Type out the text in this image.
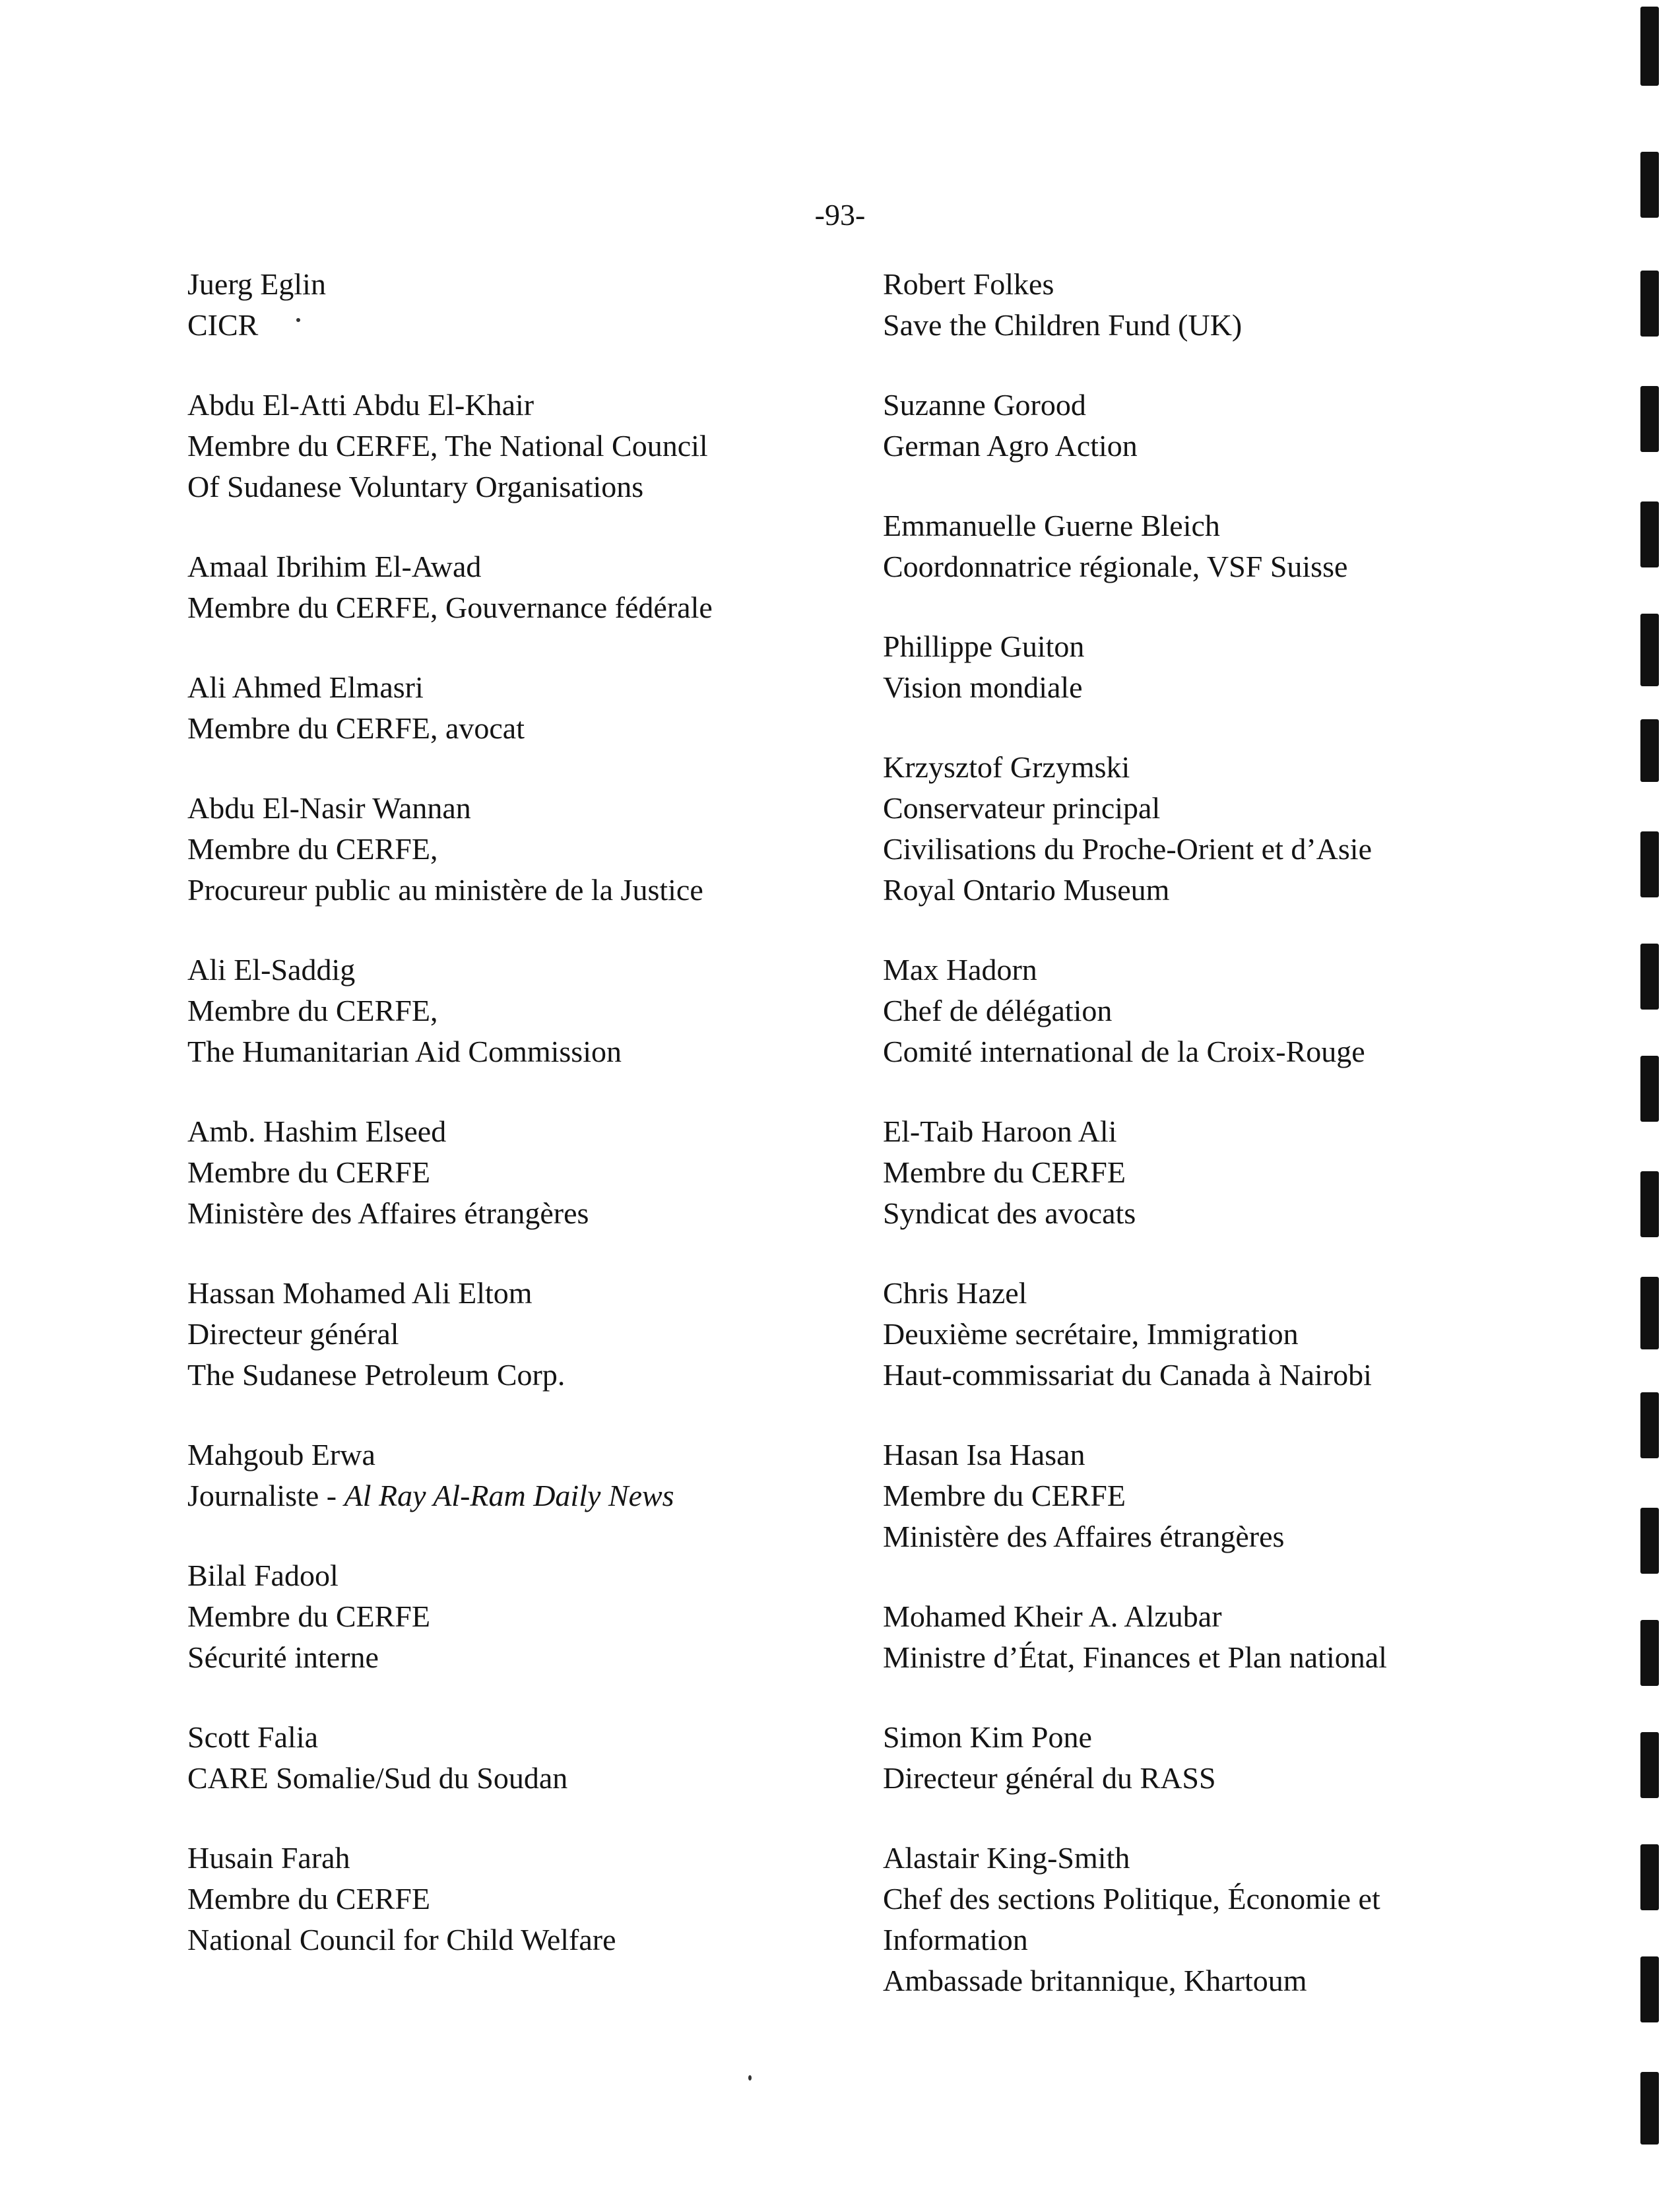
-93-
Juerg Eglin
CICR
Abdu El-Atti Abdu El-Khair
Membre du CERFE, The National Council
Of Sudanese Voluntary Organisations
Amaal Ibrihim El-Awad
Membre du CERFE, Gouvernance fédérale
Ali Ahmed Elmasri
Membre du CERFE, avocat
Abdu El-Nasir Wannan
Membre du CERFE,
Procureur public au ministère de la Justice
Ali El-Saddig
Membre du CERFE,
The Humanitarian Aid Commission
Amb. Hashim Elseed
Membre du CERFE
Ministère des Affaires étrangères
Hassan Mohamed Ali Eltom
Directeur général
The Sudanese Petroleum Corp.
Mahgoub Erwa
Journaliste - Al Ray Al-Ram Daily News
Bilal Fadool
Membre du CERFE
Sécurité interne
Scott Falia
CARE Somalie/Sud du Soudan
Husain Farah
Membre du CERFE
National Council for Child Welfare
Robert Folkes
Save the Children Fund (UK)
Suzanne Gorood
German Agro Action
Emmanuelle Guerne Bleich
Coordonnatrice régionale, VSF Suisse
Phillippe Guiton
Vision mondiale
Krzysztof Grzymski
Conservateur principal
Civilisations du Proche-Orient et d’Asie
Royal Ontario Museum
Max Hadorn
Chef de délégation
Comité international de la Croix-Rouge
El-Taib Haroon Ali
Membre du CERFE
Syndicat des avocats
Chris Hazel
Deuxième secrétaire, Immigration
Haut-commissariat du Canada à Nairobi
Hasan Isa Hasan
Membre du CERFE
Ministère des Affaires étrangères
Mohamed Kheir A. Alzubar
Ministre d’État, Finances et Plan national
Simon Kim Pone
Directeur général du RASS
Alastair King-Smith
Chef des sections Politique, Économie et
Information
Ambassade britannique, Khartoum
